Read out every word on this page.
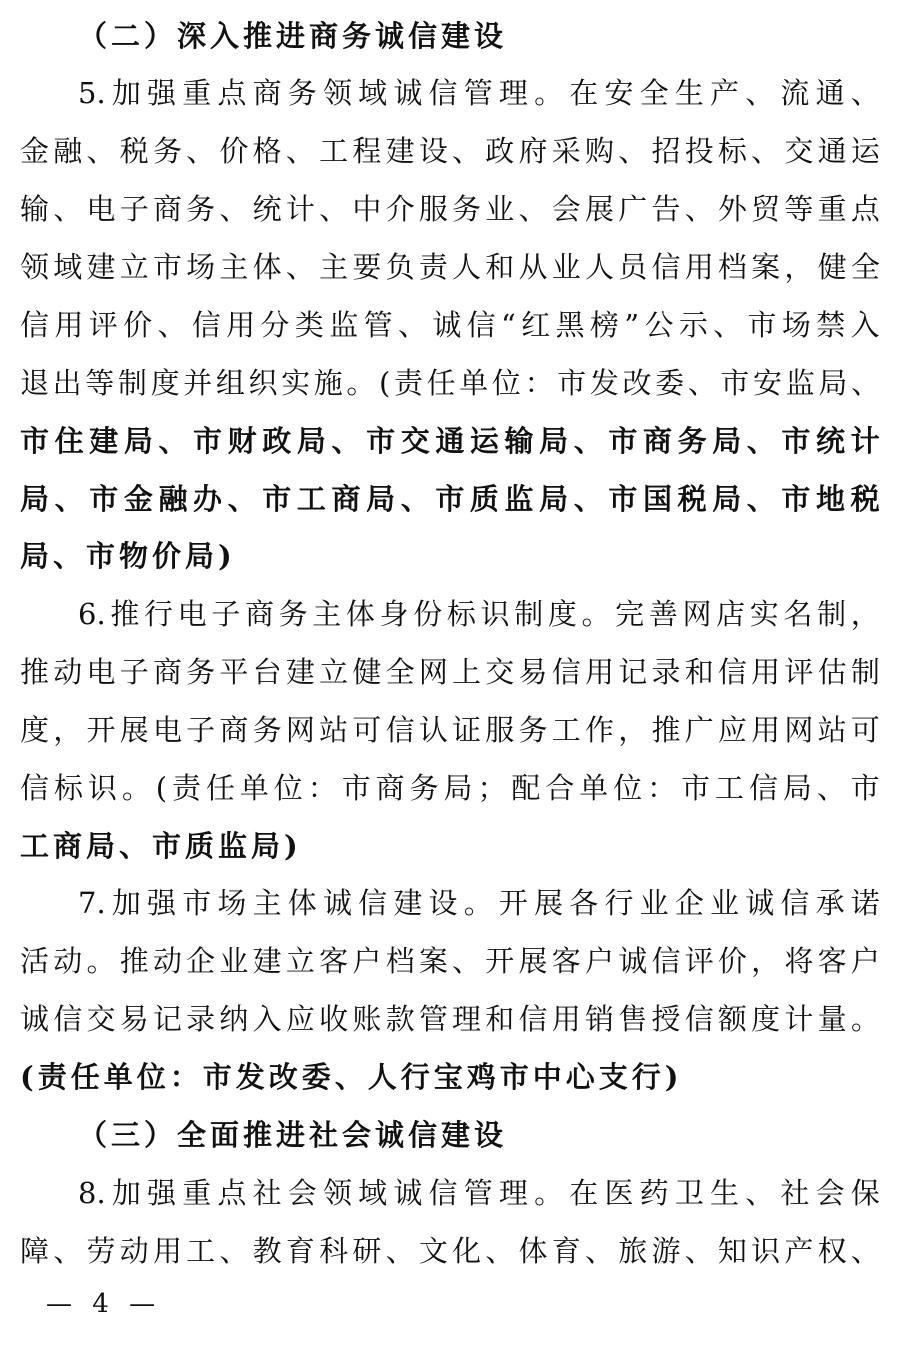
（二）深入推进商务诚信建设
5. 加 强 重 点 商 务 领 域 诚 信 管 理 。 在 安 全 生 产 、 流 通 、
金 融 、 税 务 、 价 格 、 工 程 建 设 、 政 府 采 购 、 招 投 标 、 交 通 运
输 、 电 子 商 务 、 统 计 、 中 介 服 务 业 、 会 展 广 告 、 外 贸 等 重 点
领 域 建 立 市 场 主 体 、 主 要 负 责 人 和 从 业 人 员 信 用 档 案 ， 健 全
信 用 评 价 、 信 用 分 类 监 管 、 诚 信 “ 红 黑 榜 ” 公 示 、 市 场 禁 入
退 出 等 制 度 并 组 织 实 施 。 ( 责 任 单 位 ： 市 发 改 委 、 市 安 监 局 、
市 住 建 局 、 市 财 政 局 、 市 交 通 运 输 局 、 市 商 务 局 、 市 统 计
局 、 市 金 融 办 、 市 工 商 局 、 市 质 监 局 、 市 国 税 局 、 市 地 税
局、市物价局)
6. 推 行 电 子 商 务 主 体 身 份 标 识 制 度 。 完 善 网 店 实 名 制 ，
推 动 电 子 商 务 平 台 建 立 健 全 网 上 交 易 信 用 记 录 和 信 用 评 估 制
度 ， 开 展 电 子 商 务 网 站 可 信 认 证 服 务 工 作 ， 推 广 应 用 网 站 可
信 标 识 。 ( 责 任 单 位 ： 市 商 务 局 ； 配 合 单 位 ： 市 工 信 局 、 市
工商局、市质监局)
7. 加 强 市 场 主 体 诚 信 建 设 。 开 展 各 行 业 企 业 诚 信 承 诺
活 动 。 推 动 企 业 建 立 客 户 档 案 、 开 展 客 户 诚 信 评 价 ， 将 客 户
诚 信 交 易 记 录 纳 入 应 收 账 款 管 理 和 信 用 销 售 授 信 额 度 计 量 。
(责任单位：市发改委、人行宝鸡市中心支行)
（三）全面推进社会诚信建设
8. 加 强 重 点 社 会 领 域 诚 信 管 理 。 在 医 药 卫 生 、 社 会 保
障 、 劳 动 用 工 、 教 育 科 研 、 文 化 、 体 育 、 旅 游 、 知 识 产 权 、
— 4 —
